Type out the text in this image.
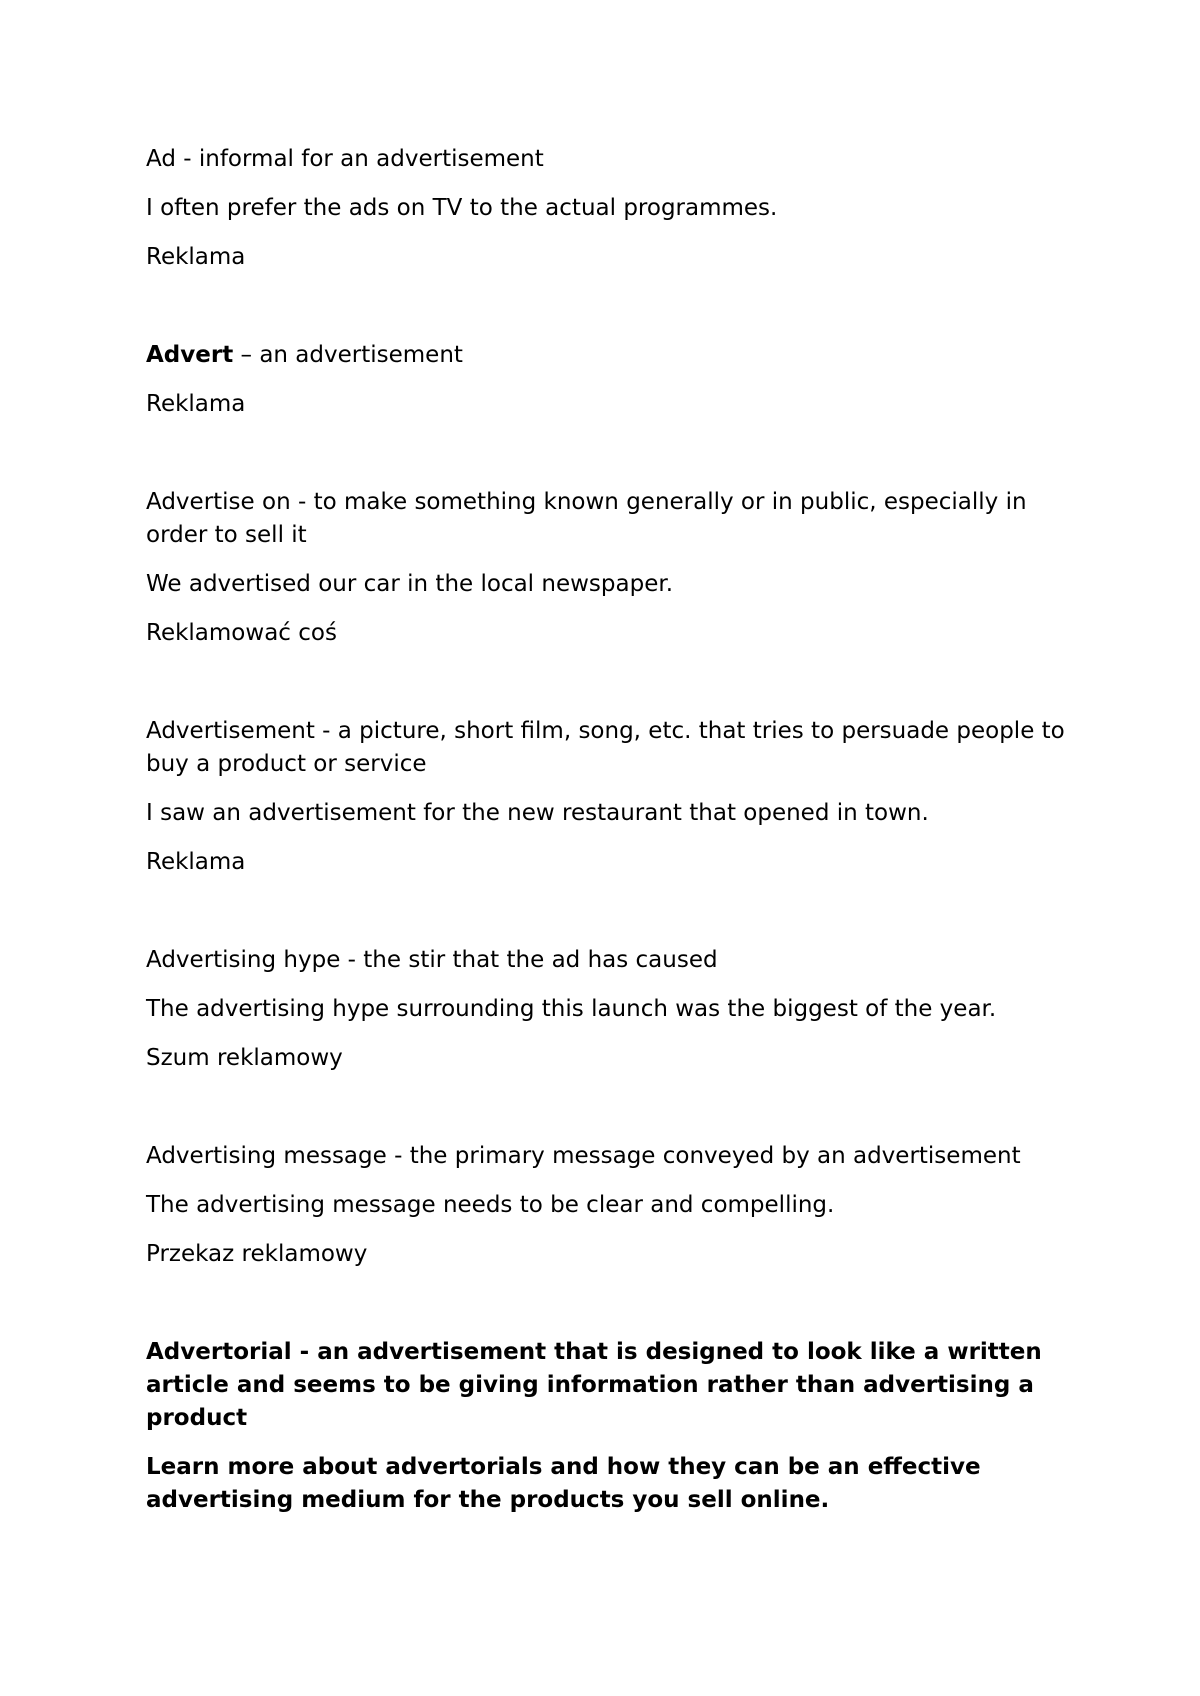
Ad - informal for an advertisement

I often prefer the ads on TV to the actual programmes.

Reklama

Advert – an advertisement

Reklama

Advertise on - to make something known generally or in public, especially in order to sell it

We advertised our car in the local newspaper.

Reklamować coś

Advertisement - a picture, short film, song, etc. that tries to persuade people to buy a product or service

I saw an advertisement for the new restaurant that opened in town.

Reklama

Advertising hype - the stir that the ad has caused

The advertising hype surrounding this launch was the biggest of the year.

Szum reklamowy

Advertising message - the primary message conveyed by an advertisement

The advertising message needs to be clear and compelling.

Przekaz reklamowy

Advertorial - an advertisement that is designed to look like a written article and seems to be giving information rather than advertising a product

Learn more about advertorials and how they can be an effective advertising medium for the products you sell online.
